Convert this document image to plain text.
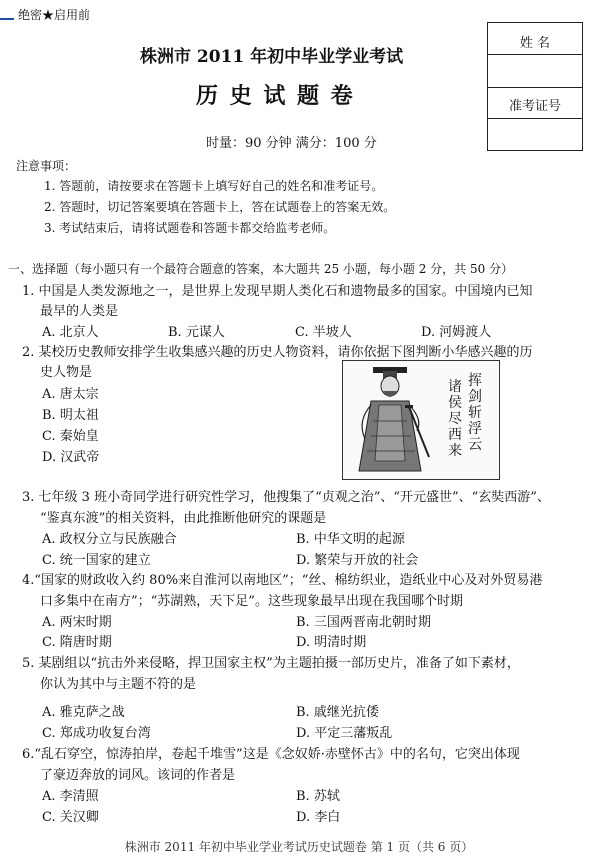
绝密★启用前
株洲市 2011 年初中毕业学业考试
历 史 试 题 卷
时量：90 分钟 满分：100 分
姓 名
准考证号
注意事项：
1. 答题前，请按要求在答题卡上填写好自己的姓名和准考证号。
2. 答题时，切记答案要填在答题卡上，答在试题卷上的答案无效。
3. 考试结束后，请将试题卷和答题卡都交给监考老师。
一、选择题（每小题只有一个最符合题意的答案，本大题共 25 小题，每小题 2 分，共 50 分）
1. 中国是人类发源地之一，是世界上发现早期人类化石和遗物最多的国家。中国境内已知
最早的人类是
A. 北京人	B. 元谋人	C. 半坡人	D. 河姆渡人
2. 某校历史教师安排学生收集感兴趣的历史人物资料，请你依据下图判断小华感兴趣的历
史人物是
A. 唐太宗
B. 明太祖
C. 秦始皇
D. 汉武帝
挥剑斩浮云
诸侯尽西来
3. 七年级 3 班小奇同学进行研究性学习，他搜集了“贞观之治”、“开元盛世”、“玄奘西游”、
“鉴真东渡”的相关资料，由此推断他研究的课题是
A. 政权分立与民族融合	B. 中华文明的起源
C. 统一国家的建立	D. 繁荣与开放的社会
4.“国家的财政收入约 80%来自淮河以南地区”；“丝、棉纺织业，造纸业中心及对外贸易港
口多集中在南方”；“苏湖熟，天下足”。这些现象最早出现在我国哪个时期
A. 两宋时期	B. 三国两晋南北朝时期
C. 隋唐时期	D. 明清时期
5. 某剧组以“抗击外来侵略，捍卫国家主权”为主题拍摄一部历史片，准备了如下素材，
你认为其中与主题不符的是
A. 雅克萨之战	B. 戚继光抗倭
C. 郑成功收复台湾	D. 平定三藩叛乱
6.“乱石穿空，惊涛拍岸，卷起千堆雪”这是《念奴娇·赤壁怀古》中的名句，它突出体现
了豪迈奔放的词风。该词的作者是
A. 李清照	B. 苏轼
C. 关汉卿	D. 李白
株洲市 2011 年初中毕业学业考试历史试题卷 第 1 页（共 6 页）
